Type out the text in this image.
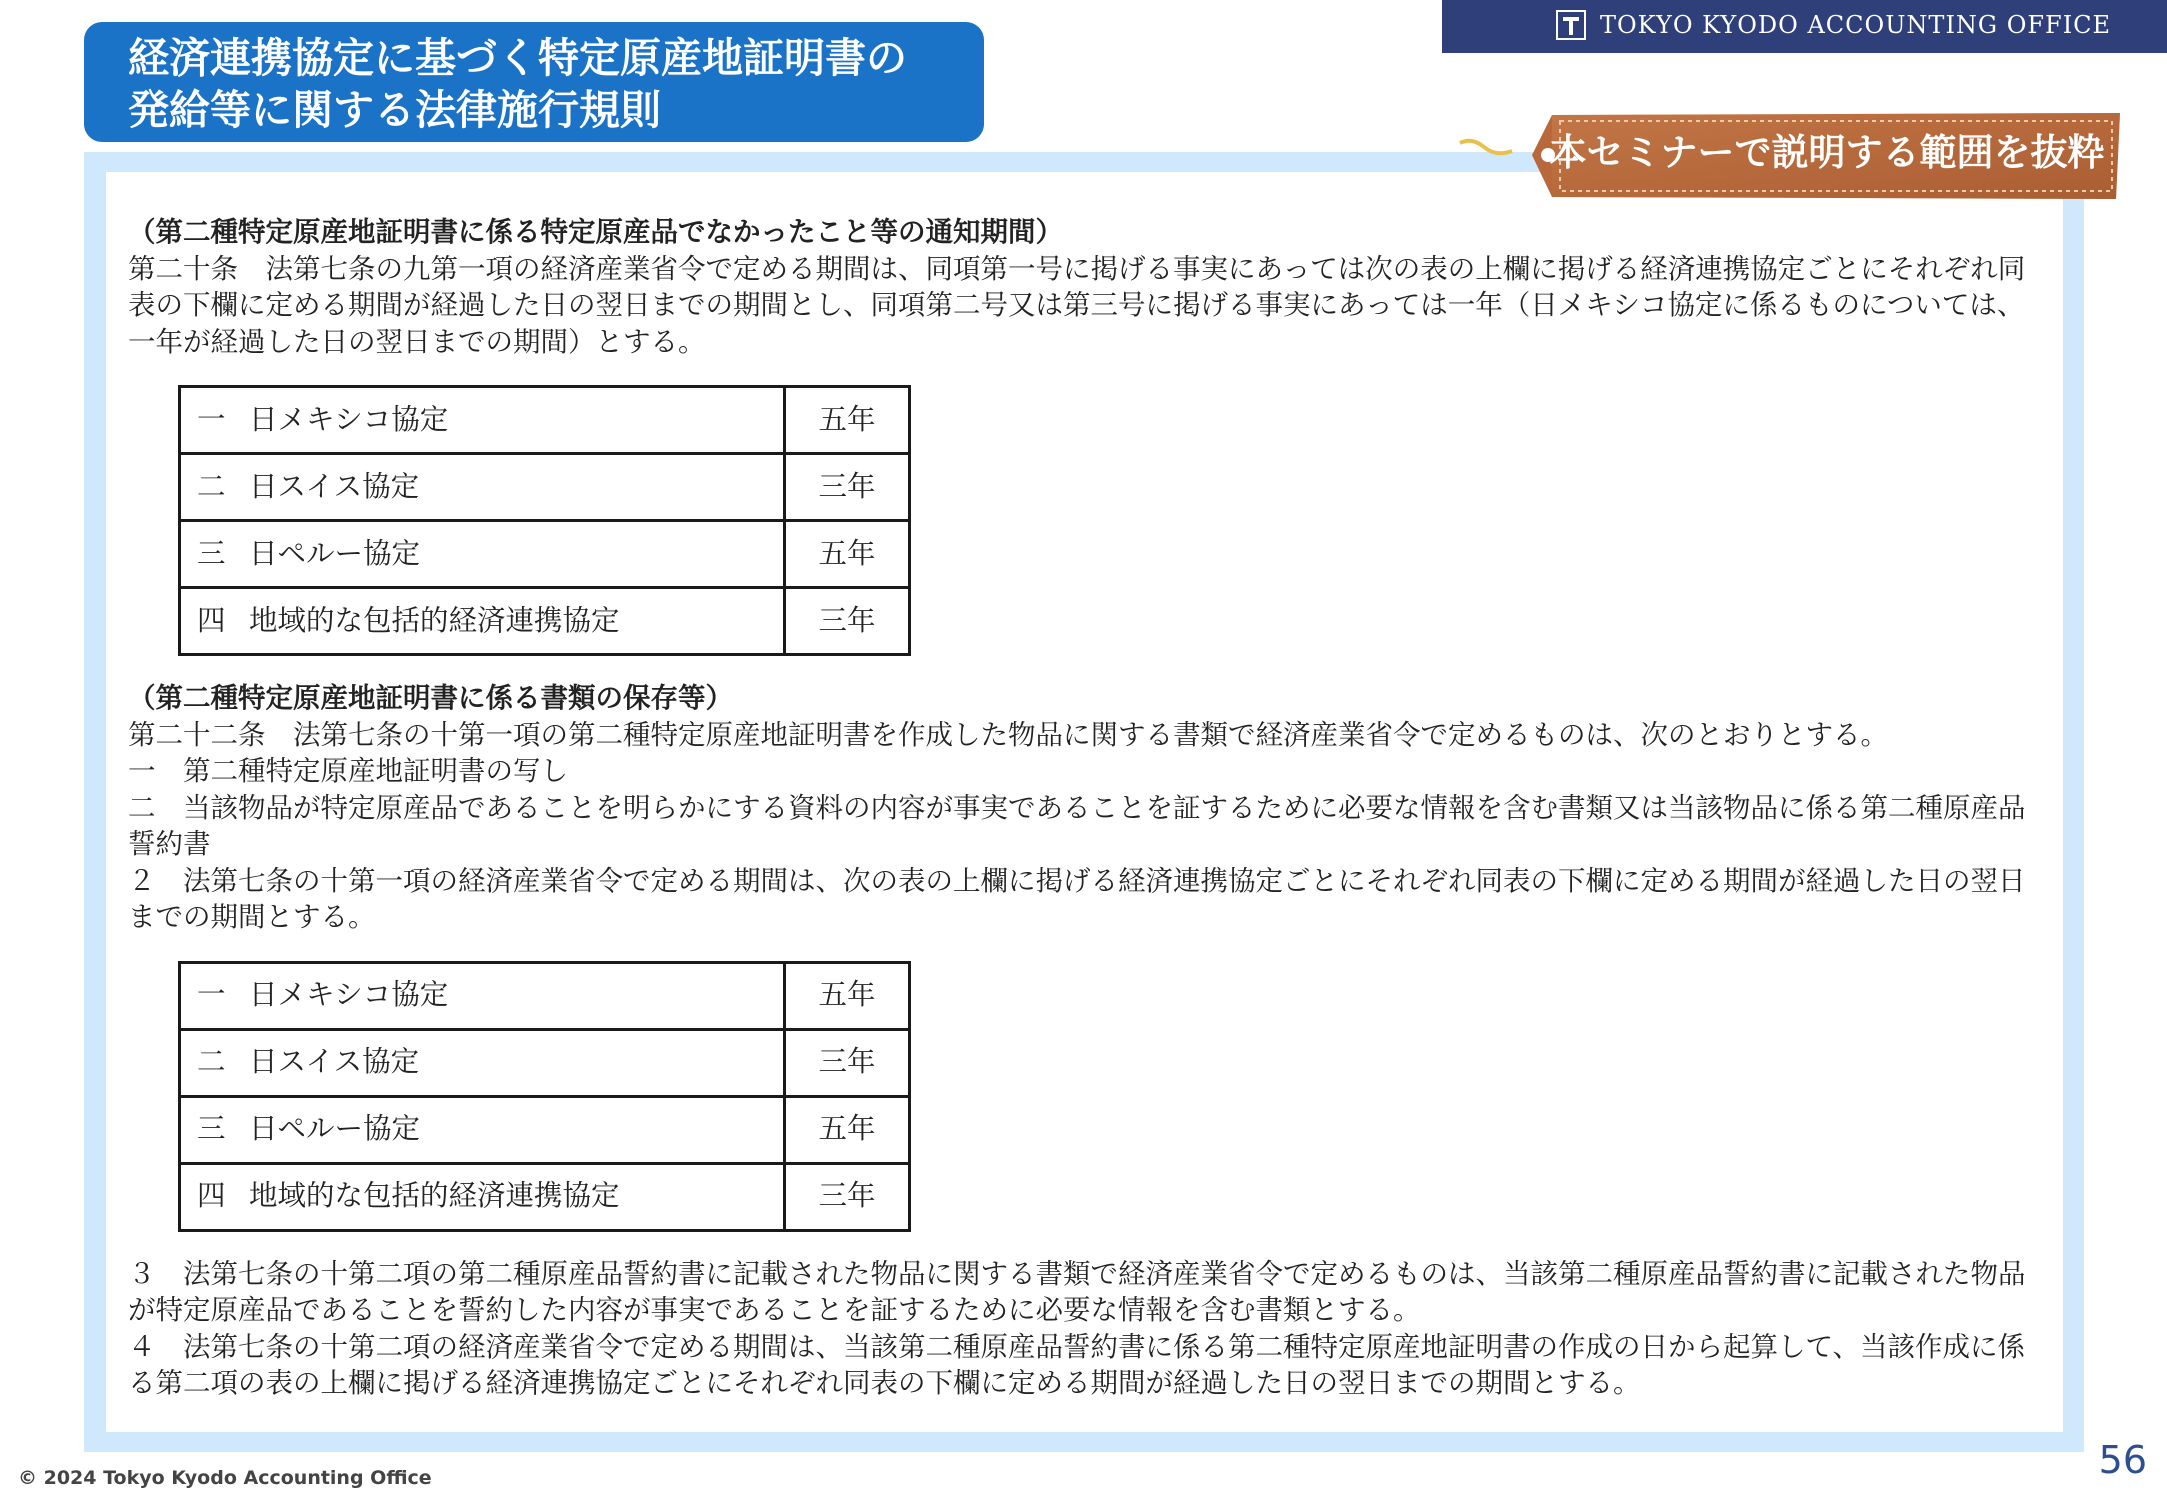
経済連携協定に基づく特定原産地証明書の
発給等に関する法律施行規則
TOKYO KYODO ACCOUNTING OFFICE
本セミナーで説明する範囲を抜粋

（第二種特定原産地証明書に係る特定原産品でなかったこと等の通知期間）

第二十条　法第七条の九第一項の経済産業省令で定める期間は、同項第一号に掲げる事実にあっては次の表の上欄に掲げる経済連携協定ごとにそれぞれ同表の下欄に定める期間が経過した日の翌日までの期間とし、同項第二号又は第三号に掲げる事実にあっては一年（日メキシコ協定に係るものについては、一年が経過した日の翌日までの期間）とする。

一 日メキシコ協定	五年
二 日スイス協定	三年
三 日ペルー協定	五年
四 地域的な包括的経済連携協定	三年

（第二種特定原産地証明書に係る書類の保存等）

第二十二条　法第七条の十第一項の第二種特定原産地証明書を作成した物品に関する書類で経済産業省令で定めるものは、次のとおりとする。

一　第二種特定原産地証明書の写し

二　当該物品が特定原産品であることを明らかにする資料の内容が事実であることを証するために必要な情報を含む書類又は当該物品に係る第二種原産品誓約書

２　法第七条の十第一項の経済産業省令で定める期間は、次の表の上欄に掲げる経済連携協定ごとにそれぞれ同表の下欄に定める期間が経過した日の翌日までの期間とする。

一 日メキシコ協定	五年
二 日スイス協定	三年
三 日ペルー協定	五年
四 地域的な包括的経済連携協定	三年

３　法第七条の十第二項の第二種原産品誓約書に記載された物品に関する書類で経済産業省令で定めるものは、当該第二種原産品誓約書に記載された物品が特定原産品であることを誓約した内容が事実であることを証するために必要な情報を含む書類とする。

４　法第七条の十第二項の経済産業省令で定める期間は、当該第二種原産品誓約書に係る第二種特定原産地証明書の作成の日から起算して、当該作成に係る第二項の表の上欄に掲げる経済連携協定ごとにそれぞれ同表の下欄に定める期間が経過した日の翌日までの期間とする。

© 2024 Tokyo Kyodo Accounting Office	56
